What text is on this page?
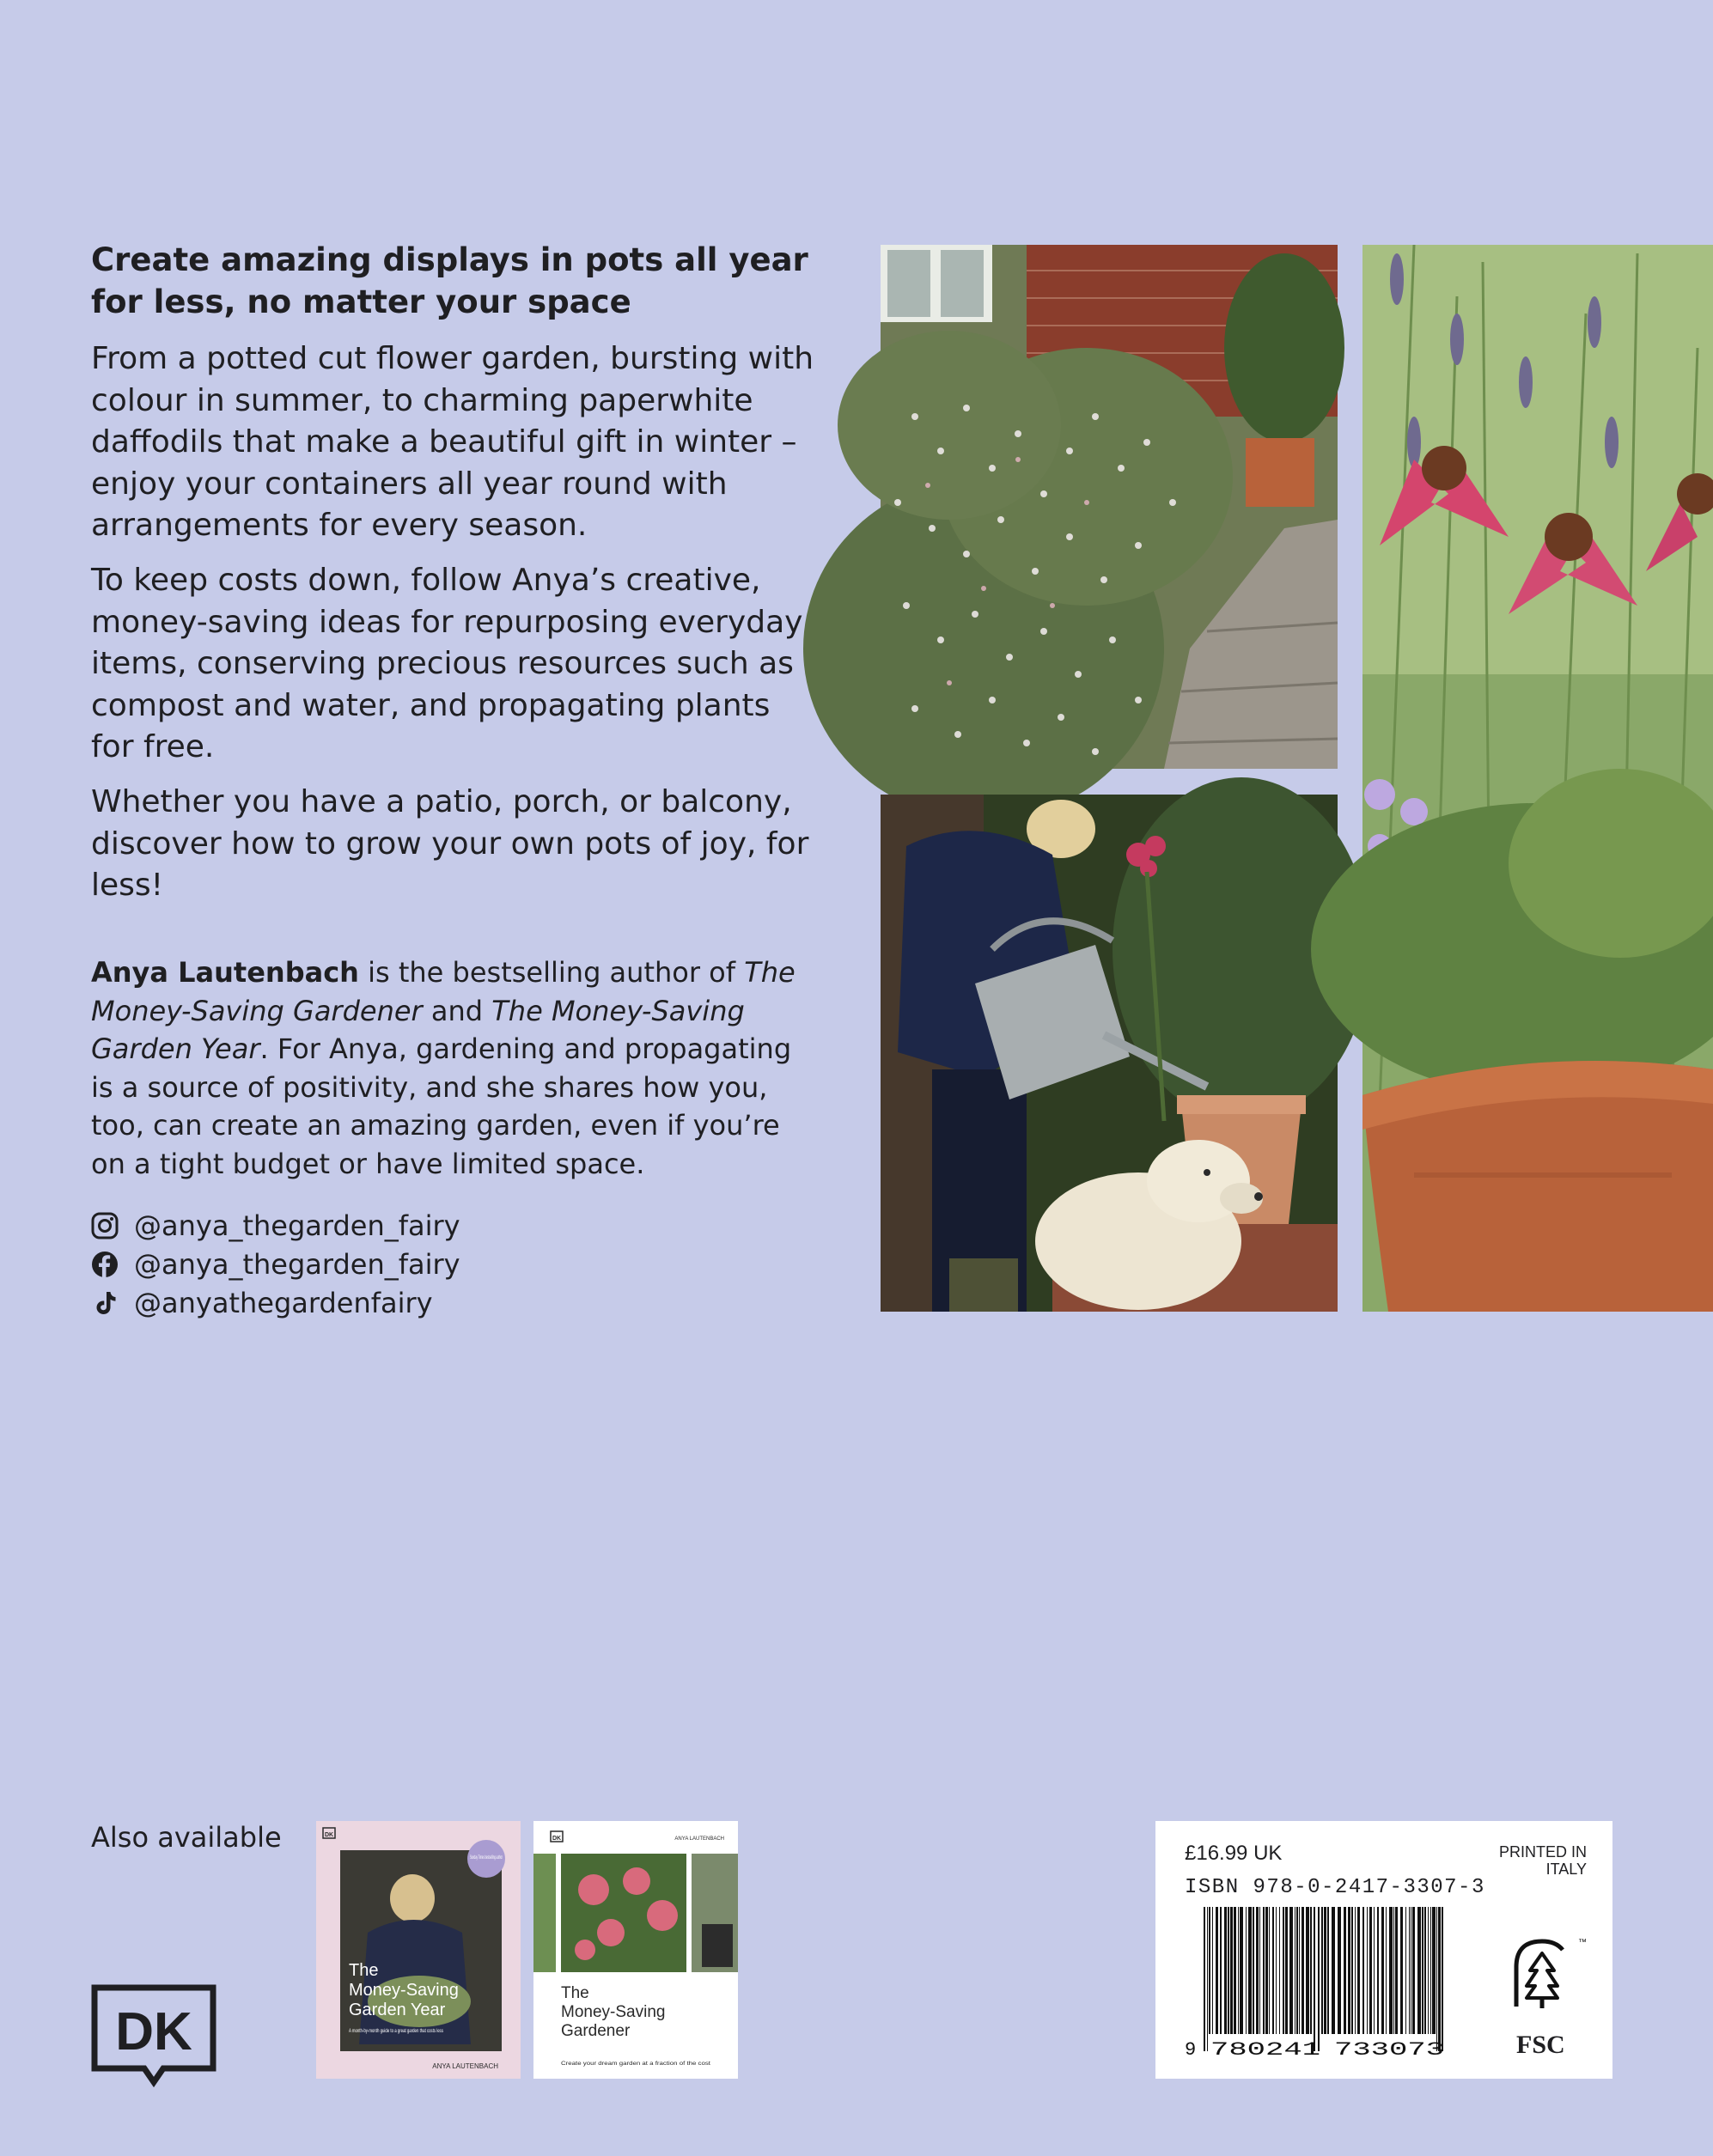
Create amazing displays in pots all year for less, no matter your space

From a potted cut flower garden, bursting with colour in summer, to charming paperwhite daffodils that make a beautiful gift in winter – enjoy your containers all year round with arrangements for every season.

To keep costs down, follow Anya’s creative, money-saving ideas for repurposing everyday items, conserving precious resources such as compost and water, and propagating plants for free.

Whether you have a patio, porch, or balcony, discover how to grow your own pots of joy, for less!

Anya Lautenbach is the bestselling author of The Money-Saving Gardener and The Money-Saving Garden Year. For Anya, gardening and propagating is a source of positivity, and she shares how you, too, can create an amazing garden, even if you’re on a tight budget or have limited space.

@anya_thegarden_fairy
@anya_thegarden_fairy
@anyathegardenfairy
Also available
DK
DK
Sunday Times bestselling author
The
Money-Saving
Garden Year
A month-by-month guide to a great garden that costs less
ANYA LAUTENBACH
DK	ANYA LAUTENBACH
The
Money-Saving
Gardener
Create your dream garden at a fraction of the cost
£16.99 UK	PRINTED IN ITALY
ISBN 978-0-2417-3307-3
9 780241 733073
™
FSC
